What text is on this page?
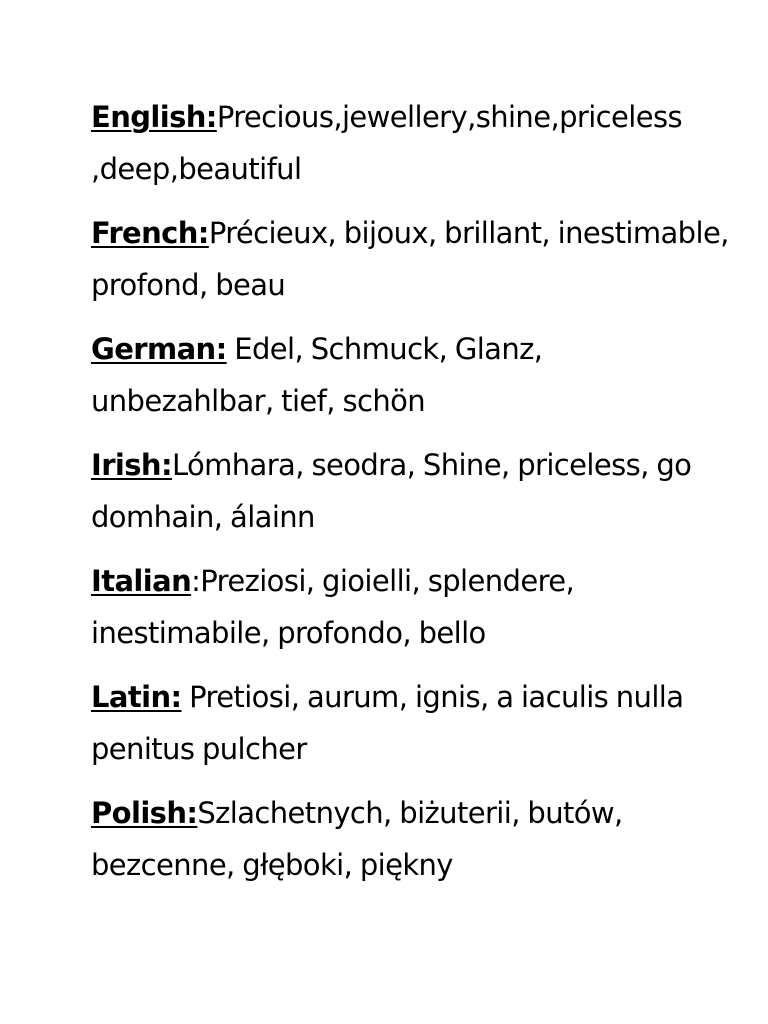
English:Precious,jewellery,shine,priceless ,deep,beautiful
French:Précieux, bijoux, brillant, inestimable, profond, beau
German: Edel, Schmuck, Glanz, unbezahlbar, tief, schön
Irish:Lómhara, seodra, Shine, priceless, go domhain, álainn
Italian:Preziosi, gioielli, splendere, inestimabile, profondo, bello
Latin: Pretiosi, aurum, ignis, a iaculis nulla penitus pulcher
Polish:Szlachetnych, biżuterii, butów, bezcenne, głęboki, piękny
